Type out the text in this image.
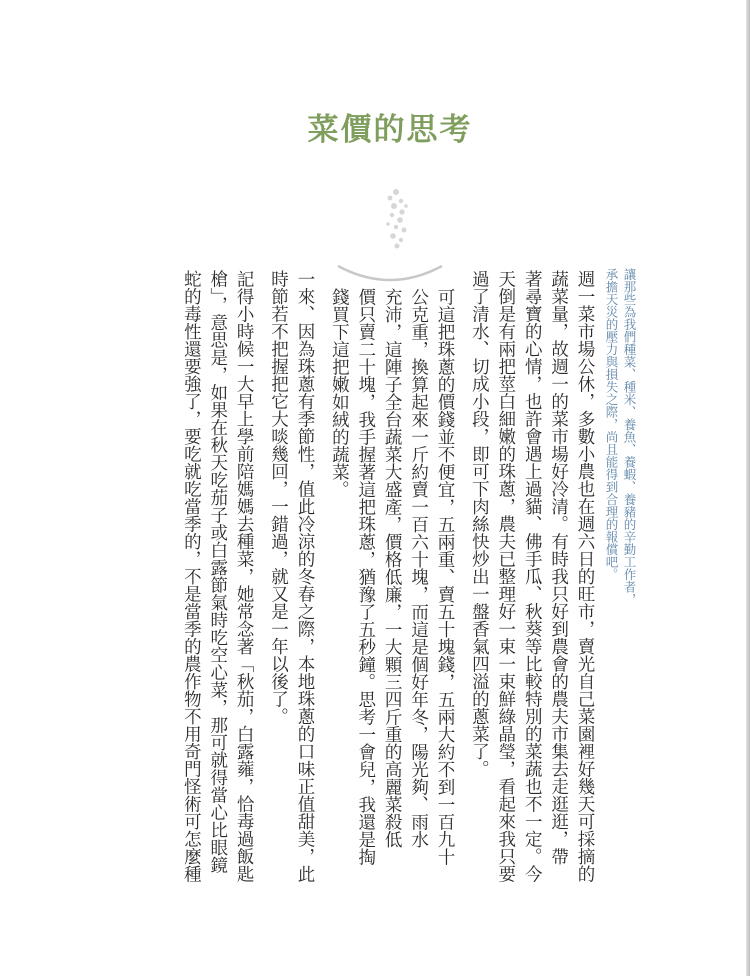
菜價的思考
讓那些為我們種菜、種米、養魚、養蝦、養豬的辛勤工作者，
承擔天災的壓力與損失之際，尚且能得到合理的報償吧。

週一菜市場公休，多數小農也在週六日的旺市，賣光自己菜園裡好幾天可採摘的
蔬菜量，故週一的菜市場好冷清。有時我只好到農會的農夫市集去走逛逛，帶
著尋寶的心情，也許會遇上過貓、佛手瓜、秋葵等比較特別的菜蔬也不一定。今
天倒是有兩把莖白細嫩的珠蔥，農夫已整理好一束一束鮮綠晶瑩，看起來我只要
過了清水、切成小段，即可下肉絲快炒出一盤香氣四溢的蔥菜了。

可這把珠蔥的價錢並不便宜，五兩重、賣五十塊錢，五兩大約不到一百九十
公克重，換算起來一斤約賣一百六十塊，而這是個好年冬，陽光夠、雨水
充沛，這陣子全台蔬菜大盛產，價格低廉，一大顆三四斤重的高麗菜殺低
價只賣二十塊，我手握著這把珠蔥，猶豫了五秒鐘。思考一會兒，我還是掏
錢買下這把嫩如絨的蔬菜。

一來、因為珠蔥有季節性，值此冷涼的冬春之際，本地珠蔥的口味正值甜美，此
時節若不把握把它大啖幾回，一錯過，就又是一年以後了。

記得小時候一大早上學前陪媽媽去種菜，她常念著「秋茄，白露蕹，恰毒過飯匙
槍」，意思是，如果在秋天吃茄子或白露節氣時吃空心菜，那可就得當心比眼鏡
蛇的毒性還要強了，要吃就吃當季的，不是當季的農作物不用奇門怪術可怎麼種
